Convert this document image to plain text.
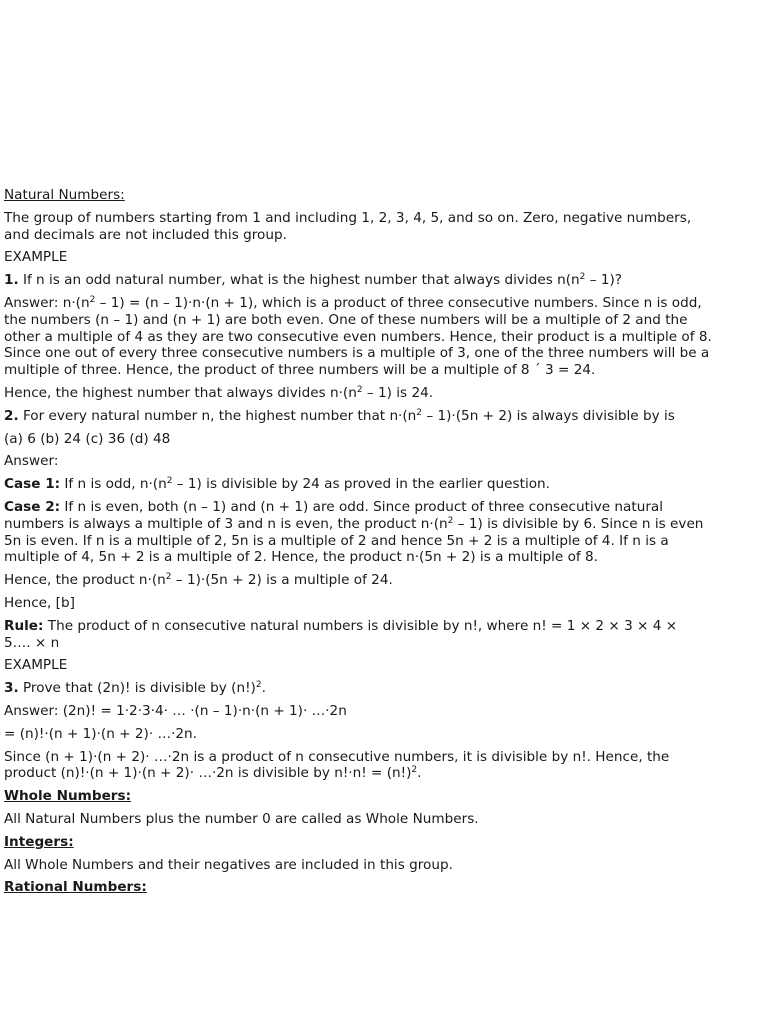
Natural Numbers:
The group of numbers starting from 1 and including 1, 2, 3, 4, 5, and so on. Zero, negative numbers,
and decimals are not included this group.
EXAMPLE
1. If n is an odd natural number, what is the highest number that always divides $n(n^2 - 1)$?
Answer: $n\cdot(n^2 - 1) = (n - 1)\cdot n\cdot(n + 1)$, which is a product of three consecutive numbers. Since n is odd,
the numbers (n – 1) and (n + 1) are both even. One of these numbers will be a multiple of 2 and the
other a multiple of 4 as they are two consecutive even numbers. Hence, their product is a multiple of 8.
Since one out of every three consecutive numbers is a multiple of 3, one of the three numbers will be a
multiple of three. Hence, the product of three numbers will be a multiple of 8 ´ 3 = 24.
Hence, the highest number that always divides $n\cdot(n^2 - 1)$ is 24.
2. For every natural number n, the highest number that $n\cdot(n^2 - 1)\cdot(5n + 2)$ is always divisible by is
(a) 6 (b) 24 (c) 36 (d) 48
Answer:
Case 1: If n is odd, $n\cdot(n^2 - 1)$ is divisible by 24 as proved in the earlier question.
Case 2: If n is even, both (n – 1) and (n + 1) are odd. Since product of three consecutive natural
numbers is always a multiple of 3 and n is even, the product $n\cdot(n^2 - 1)$ is divisible by 6. Since n is even
5n is even. If n is a multiple of 2, 5n is a multiple of 2 and hence 5n + 2 is a multiple of 4. If n is a
multiple of 4, 5n + 2 is a multiple of 2. Hence, the product n·(5n + 2) is a multiple of 8.
Hence, the product $n\cdot(n^2 - 1)\cdot(5n + 2)$ is a multiple of 24.
Hence, [b]
Rule: The product of n consecutive natural numbers is divisible by n!, where n! = 1 × 2 × 3 × 4 ×
5…. × n
EXAMPLE
3. Prove that (2n)! is divisible by $(n!)^2$.
Answer: (2n)! = 1·2·3·4· … ·(n – 1)·n·(n + 1)· …·2n
= (n)!·(n + 1)·(n + 2)· …·2n.
Since (n + 1)·(n + 2)· …·2n is a product of n consecutive numbers, it is divisible by n!. Hence, the
product (n)!·(n + 1)·(n + 2)· …·2n is divisible by n!·n! = $(n!)^2$.
Whole Numbers:
All Natural Numbers plus the number 0 are called as Whole Numbers.
Integers:
All Whole Numbers and their negatives are included in this group.
Rational Numbers:
